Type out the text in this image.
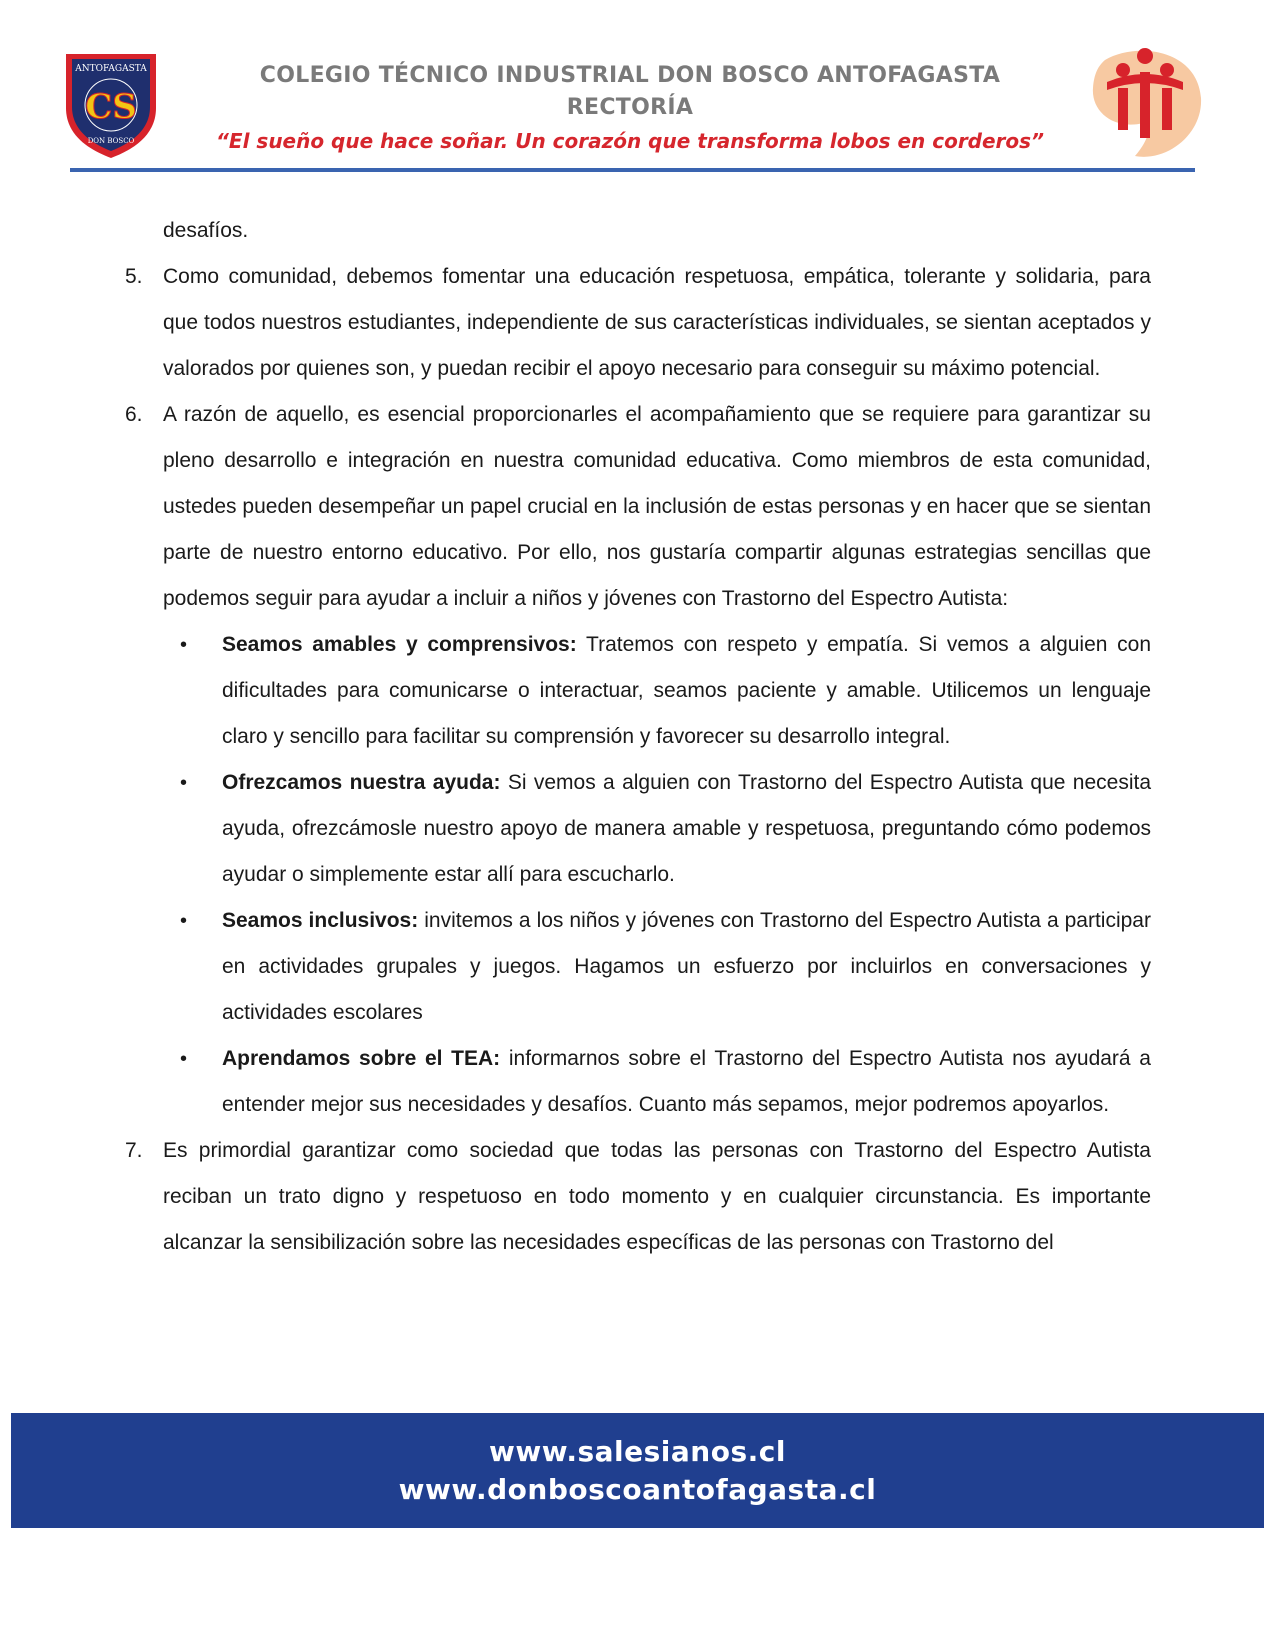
ANTOFAGASTA
CS
DON BOSCO
COLEGIO TÉCNICO INDUSTRIAL DON BOSCO ANTOFAGASTA
RECTORÍA
“El sueño que hace soñar. Un corazón que transforma lobos en corderos”
desafíos.
5. Como comunidad, debemos fomentar una educación respetuosa, empática, tolerante y solidaria, para que todos nuestros estudiantes, independiente de sus características individuales, se sientan aceptados y valorados por quienes son, y puedan recibir el apoyo necesario para conseguir su máximo potencial.
6. A razón de aquello, es esencial proporcionarles el acompañamiento que se requiere para garantizar su pleno desarrollo e integración en nuestra comunidad educativa. Como miembros de esta comunidad, ustedes pueden desempeñar un papel crucial en la inclusión de estas personas y en hacer que se sientan parte de nuestro entorno educativo. Por ello, nos gustaría compartir algunas estrategias sencillas que podemos seguir para ayudar a incluir a niños y jóvenes con Trastorno del Espectro Autista:
• Seamos amables y comprensivos: Tratemos con respeto y empatía. Si vemos a alguien con dificultades para comunicarse o interactuar, seamos paciente y amable. Utilicemos un lenguaje claro y sencillo para facilitar su comprensión y favorecer su desarrollo integral.
• Ofrezcamos nuestra ayuda: Si vemos a alguien con Trastorno del Espectro Autista que necesita ayuda, ofrezcámosle nuestro apoyo de manera amable y respetuosa, preguntando cómo podemos ayudar o simplemente estar allí para escucharlo.
• Seamos inclusivos: invitemos a los niños y jóvenes con Trastorno del Espectro Autista a participar en actividades grupales y juegos. Hagamos un esfuerzo por incluirlos en conversaciones y actividades escolares
• Aprendamos sobre el TEA: informarnos sobre el Trastorno del Espectro Autista nos ayudará a entender mejor sus necesidades y desafíos. Cuanto más sepamos, mejor podremos apoyarlos.
7. Es primordial garantizar como sociedad que todas las personas con Trastorno del Espectro Autista reciban un trato digno y respetuoso en todo momento y en cualquier circunstancia. Es importante alcanzar la sensibilización sobre las necesidades específicas de las personas con Trastorno del
www.salesianos.cl
www.donboscoantofagasta.cl
